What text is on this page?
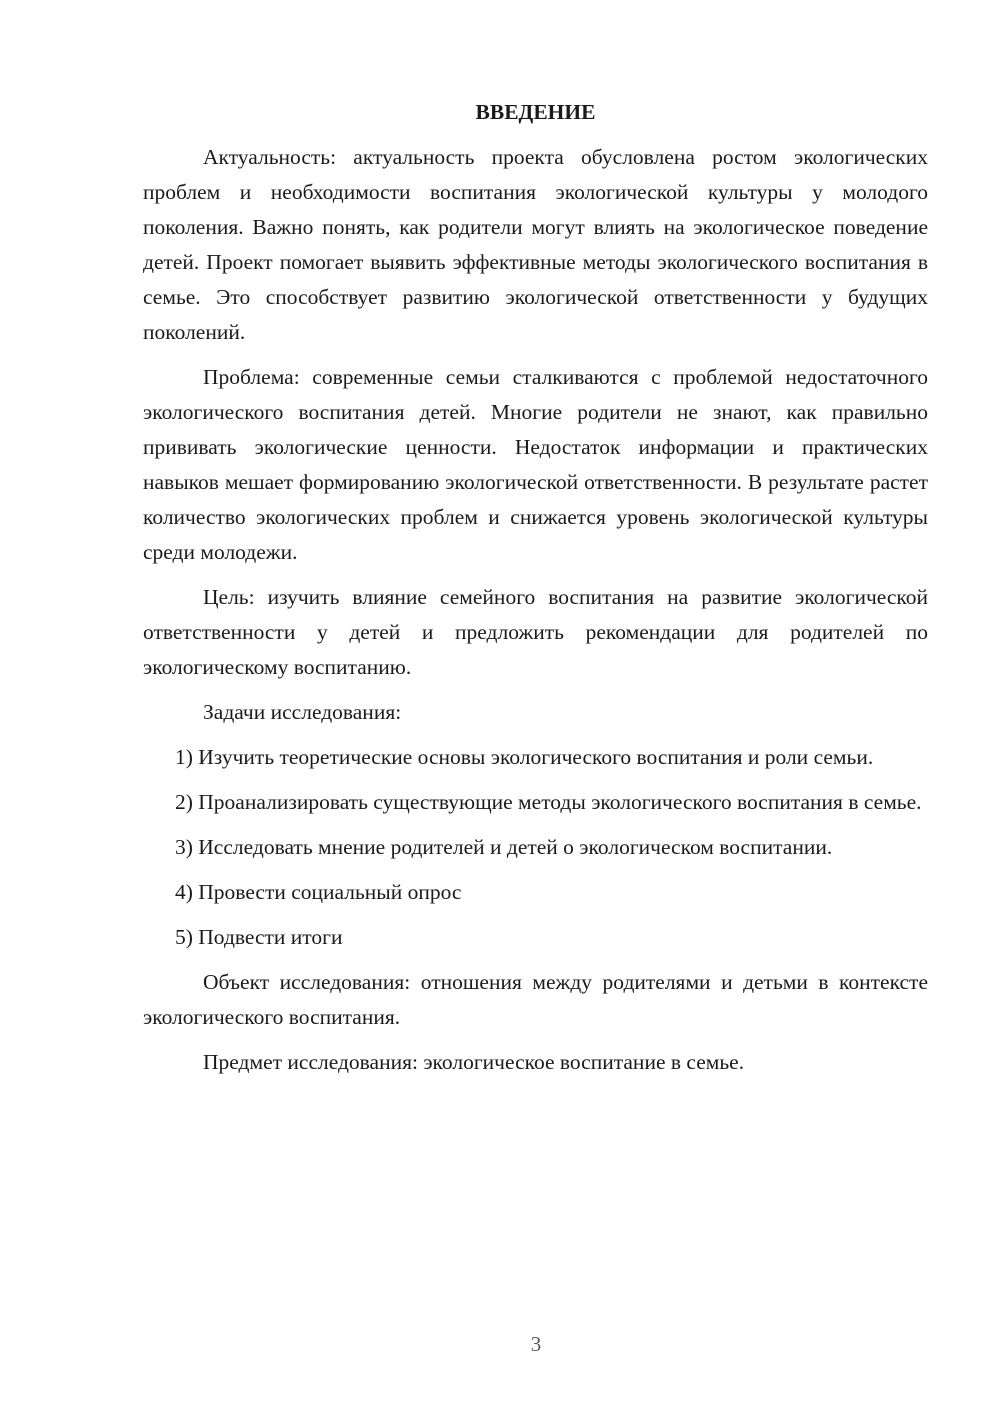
ВВЕДЕНИЕ
Актуальность: актуальность проекта обусловлена ростом экологических проблем и необходимости воспитания экологической культуры у молодого поколения. Важно понять, как родители могут влиять на экологическое поведение детей. Проект помогает выявить эффективные методы экологического воспитания в семье. Это способствует развитию экологической ответственности у будущих поколений.
Проблема: современные семьи сталкиваются с проблемой недостаточного экологического воспитания детей. Многие родители не знают, как правильно прививать экологические ценности. Недостаток информации и практических навыков мешает формированию экологической ответственности. В результате растет количество экологических проблем и снижается уровень экологической культуры среди молодежи.
Цель: изучить влияние семейного воспитания на развитие экологической ответственности у детей и предложить рекомендации для родителей по экологическому воспитанию.
Задачи исследования:
1) Изучить теоретические основы экологического воспитания и роли семьи.
2) Проанализировать существующие методы экологического воспитания в семье.
3) Исследовать мнение родителей и детей о экологическом воспитании.
4) Провести социальный опрос
5) Подвести итоги
Объект исследования: отношения между родителями и детьми в контексте экологического воспитания.
Предмет исследования: экологическое воспитание в семье.
3
